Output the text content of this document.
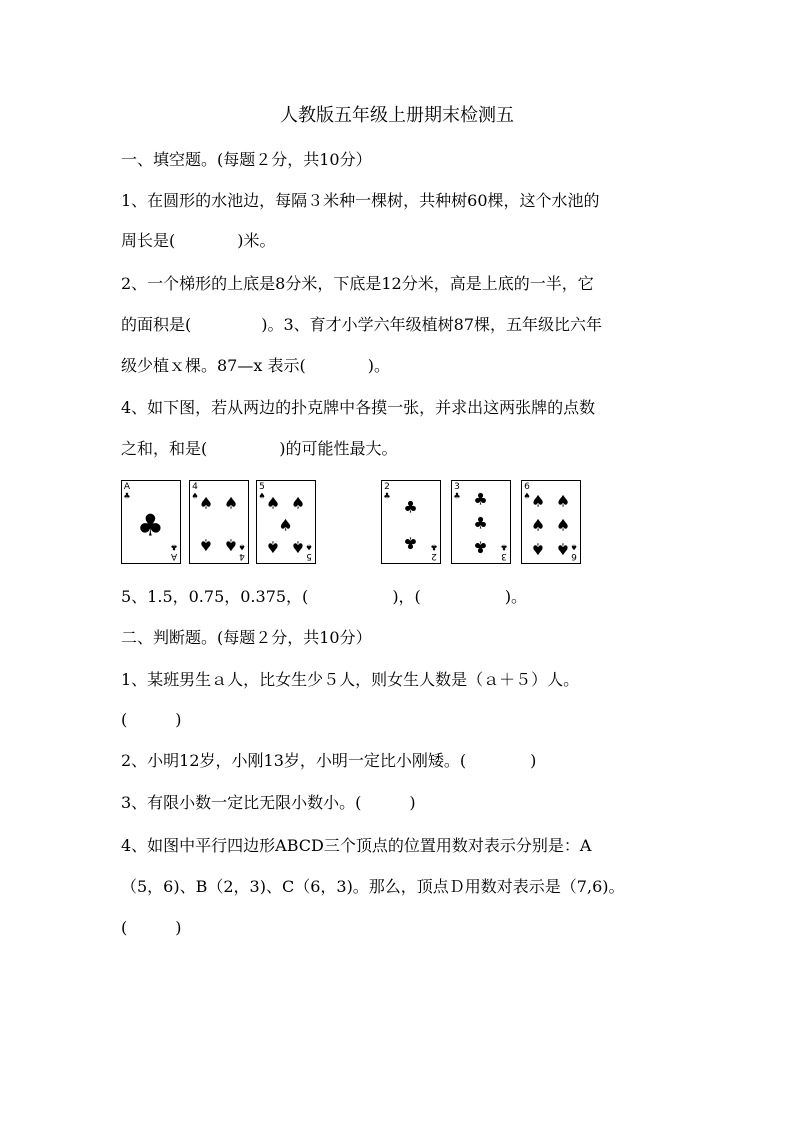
人教版五年级上册期末检测五
一、填空题。(每题２分，共10分）
1、在圆形的水池边，每隔３米种一棵树，共种树60棵，这个水池的
周长是(	)米。
2、一个梯形的上底是8分米，下底是12分米，高是上底的一半，它
的面积是(	)。3、育才小学六年级植树87棵，五年级比六年
级少植ｘ棵。87—x 表示(	)。
4、如下图，若从两边的扑克牌中各摸一张，并求出这两张牌的点数
之和，和是(	)的可能性最大。
A
♣
A
♣
♣
4
♠
4
♠
♠ ♠
♠ ♠
5
♠
5
♠
♠ ♠
♠
♠ ♠
2
♣
2
♣
♣
♣
3
♣
3
♣
♣
♣
♣
6
♠
6
♠
♠ ♠
♠ ♠
♠ ♠
5、1.5，0.75，0.375，(	)，(	)。
二、判断题。(每题２分，共10分）
1、某班男生ａ人，比女生少５人，则女生人数是（ａ＋５）人。
(　　　)
2、小明12岁，小刚13岁，小明一定比小刚矮。(　　　　)
3、有限小数一定比无限小数小。(　　　)
4、如图中平行四边形ABCD三个顶点的位置用数对表示分别是：A
（5，6)、B（2，3)、C（6，3)。那么，顶点Ｄ用数对表示是（7,6)。
(　　　)
